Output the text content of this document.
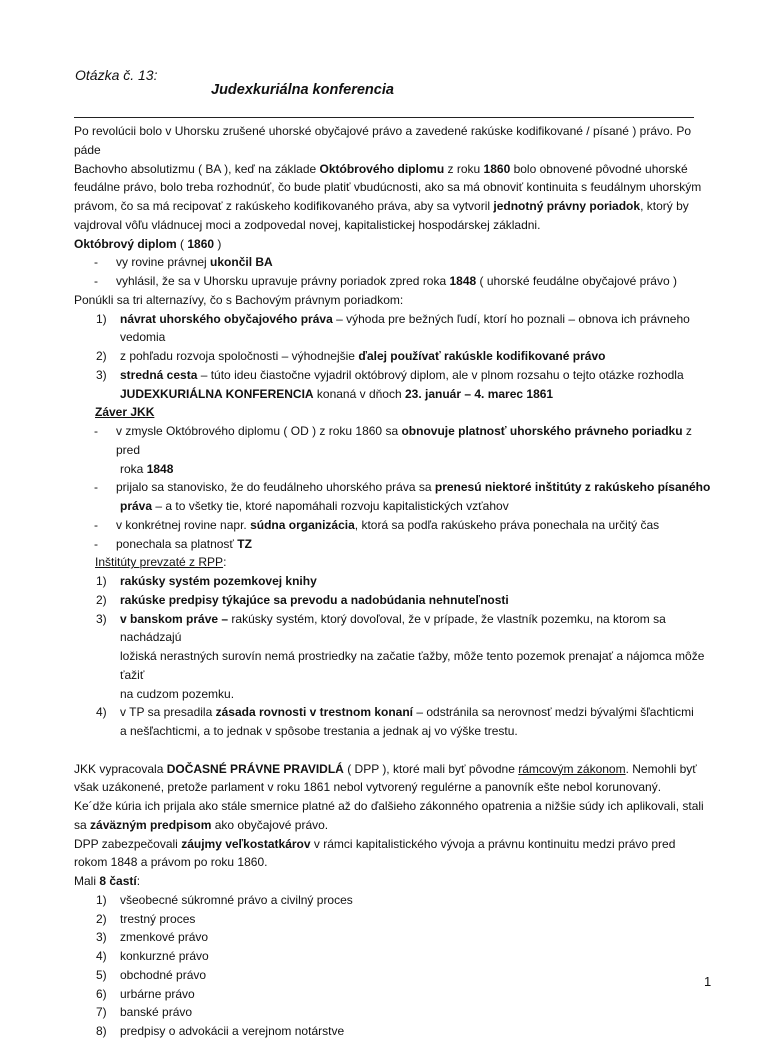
Otázka č. 13:
Judexkuriálna konferencia
Po revolúcii bolo v Uhorsku zrušené uhorské obyčajové právo a zavedené rakúske kodifikované / písané ) právo. Po páde
Bachovho absolutizmu ( BA ), keď na základe Októbrového diplomu z roku 1860 bolo obnovené pôvodné uhorské
feudálne právo, bolo treba rozhodnúť, čo bude platiť vbudúcnosti, ako sa má obnoviť kontinuita s feudálnym uhorským
právom, čo sa má recipovať z rakúskeho kodifikovaného práva, aby sa vytvoril jednotný právny poriadok, ktorý by
vajdroval vôľu vládnucej moci a zodpovedal novej, kapitalistickej hospodárskej základni.
Októbrový diplom ( 1860 )
-	vy rovine právnej ukončil BA
-	vyhlásil, že sa v Uhorsku upravuje právny poriadok zpred roka 1848 ( uhorské feudálne obyčajové právo )
Ponúkli sa tri alternazívy, čo s Bachovým právnym poriadkom:
1)	návrat uhorského obyčajového práva – výhoda pre bežných ľudí, ktorí ho poznali – obnova ich právneho
vedomia
2)	z pohľadu rozvoja spoločnosti – výhodnejšie ďalej používať rakúskle kodifikované právo
3)	stredná cesta – túto ideu čiastočne vyjadril októbrový diplom, ale v plnom rozsahu o tejto otázke rozhodla
JUDEXKURIÁLNA KONFERENCIA konaná v dňoch 23. január – 4. marec 1861
Záver JKK
-	v zmysle Októbrového diplomu ( OD ) z roku 1860 sa obnovuje platnosť uhorského právneho poriadku z pred
roka 1848
-	prijalo sa stanovisko, že do feudálneho uhorského práva sa prenesú niektoré inštitúty z rakúskeho písaného
práva – a to všetky tie, ktoré napomáhali rozvoju kapitalistických vzťahov
-	v konkrétnej rovine napr. súdna organizácia, ktorá sa podľa rakúskeho práva ponechala na určitý čas
-	ponechala sa platnosť TZ
Inštitúty prevzaté z RPP:
1)	rakúsky systém pozemkovej knihy
2)	rakúske predpisy týkajúce sa prevodu a nadobúdania nehnuteľnosti
3)	v banskom práve – rakúsky systém, ktorý dovoľoval, že v prípade, že vlastník pozemku, na ktorom sa nachádzajú
ložiská nerastných surovín nemá prostriedky na začatie ťažby, môže tento pozemok prenajať a nájomca môže ťažiť
na cudzom pozemku.
4)	v TP sa presadila zásada rovnosti v trestnom konaní – odstránila sa nerovnosť medzi bývalými šľachticmi
a nešľachticmi, a to jednak v spôsobe trestania a jednak aj vo výške trestu.
JKK vypracovala DOČASNÉ PRÁVNE PRAVIDLÁ ( DPP ), ktoré mali byť pôvodne rámcovým zákonom. Nemohli byť
však uzákonené, pretože parlament v roku 1861 nebol vytvorený regulérne a panovník ešte nebol korunovaný.
Ke´dže kúria ich prijala ako stále smernice platné až do ďalšieho zákonného opatrenia a nižšie súdy ich aplikovali, stali
sa záväzným predpisom ako obyčajové právo.
DPP zabezpečovali záujmy veľkostatkárov v rámci kapitalistického vývoja a právnu kontinuitu medzi právo pred
rokom 1848 a právom po roku 1860.
Mali 8 častí:
1)	všeobecné súkromné právo a civilný proces
2)	trestný proces
3)	zmenkové právo
4)	konkurzné právo
5)	obchodné právo
6)	urbárne právo
7)	banské právo
8)	predpisy o advokácii a verejnom notárstve
1
